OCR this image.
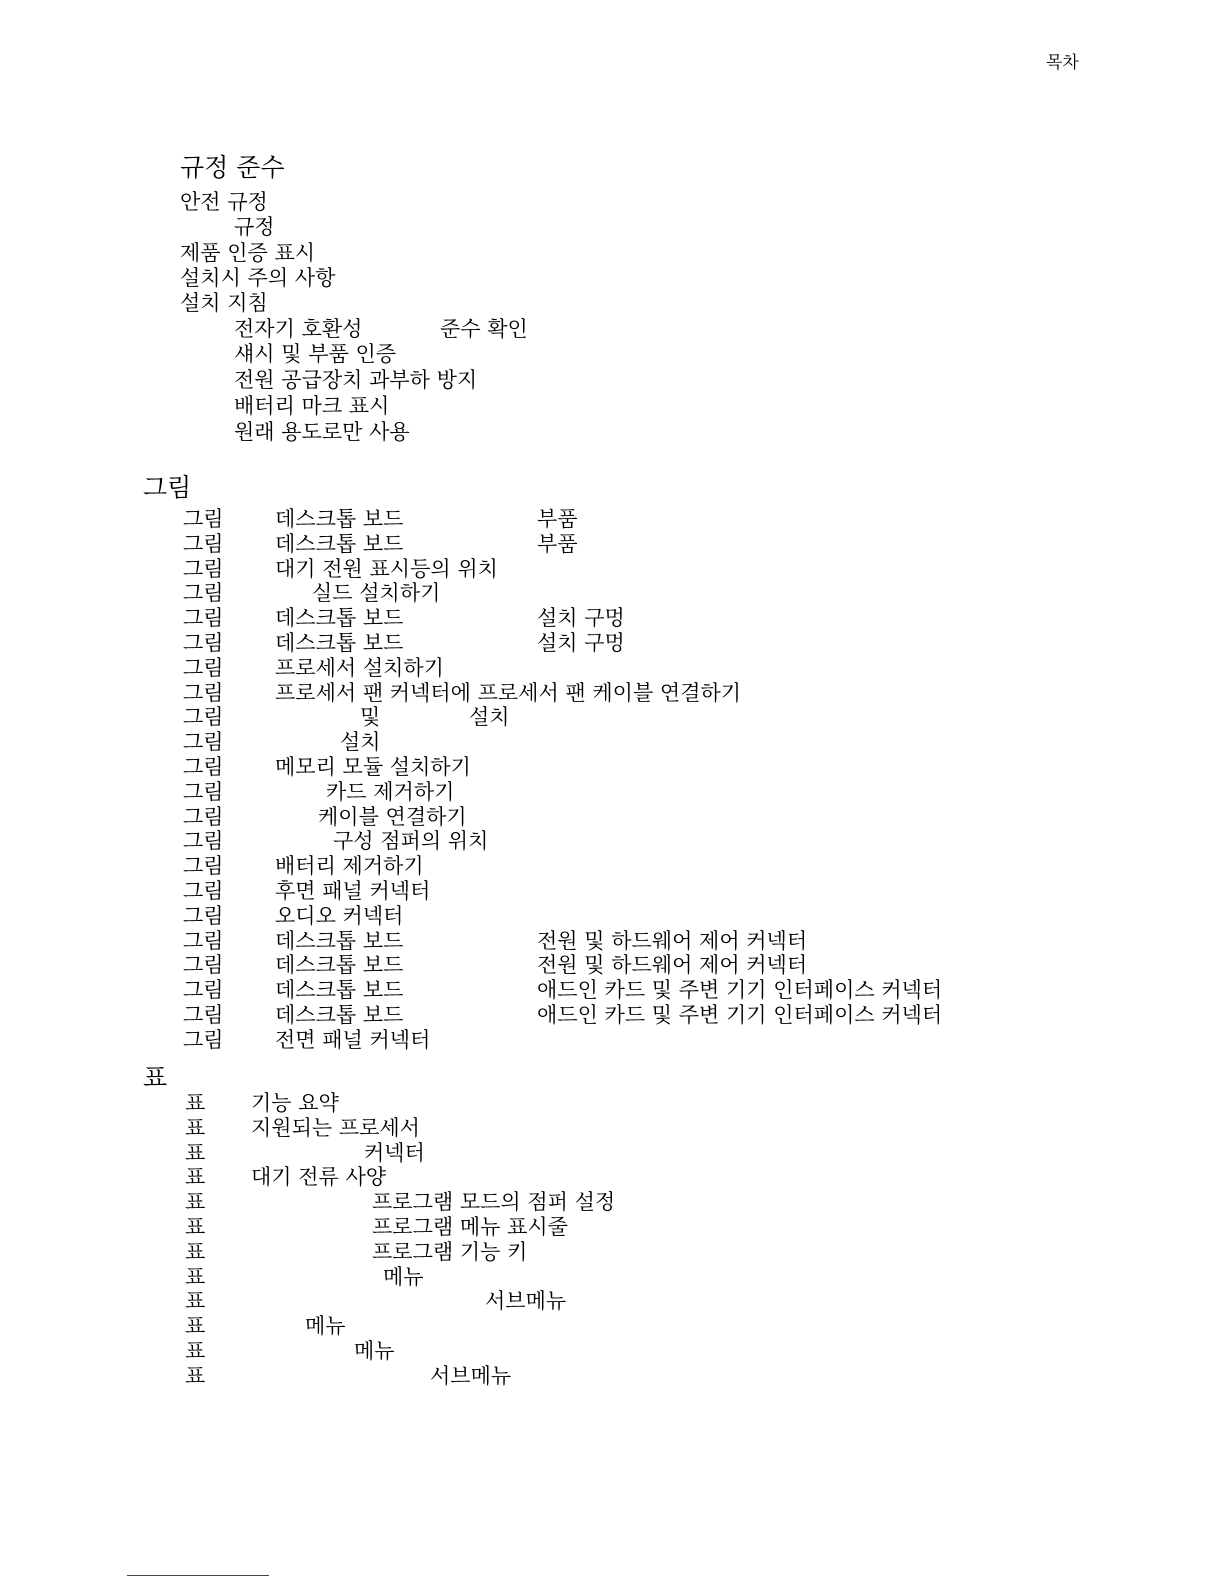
목차
규정 준수
안전 규정
규정
제품 인증 표시
설치시 주의 사항
설치 지침
전자기 호환성	준수 확인
섀시 및 부품 인증
전원 공급장치 과부하 방지
배터리 마크 표시
원래 용도로만 사용
그림
그림 데스크톱 보드	부품
그림 데스크톱 보드	부품
그림 대기 전원 표시등의 위치
그림	실드 설치하기
그림 데스크톱 보드	설치 구멍
그림 데스크톱 보드	설치 구멍
그림 프로세서 설치하기
그림 프로세서 팬 커넥터에 프로세서 팬 케이블 연결하기
그림	및	설치
그림	설치
그림 메모리 모듈 설치하기
그림	카드 제거하기
그림	케이블 연결하기
그림	구성 점퍼의 위치
그림 배터리 제거하기
그림 후면 패널 커넥터
그림 오디오 커넥터
그림 데스크톱 보드	전원 및 하드웨어 제어 커넥터
그림 데스크톱 보드	전원 및 하드웨어 제어 커넥터
그림 데스크톱 보드	애드인 카드 및 주변 기기 인터페이스 커넥터
그림 데스크톱 보드	애드인 카드 및 주변 기기 인터페이스 커넥터
그림 전면 패널 커넥터
표
표 기능 요약
표 지원되는 프로세서
표	커넥터
표 대기 전류 사양
표	프로그램 모드의 점퍼 설정
표	프로그램 메뉴 표시줄
표	프로그램 기능 키
표	메뉴
표	서브메뉴
표	메뉴
표	메뉴
표	서브메뉴
